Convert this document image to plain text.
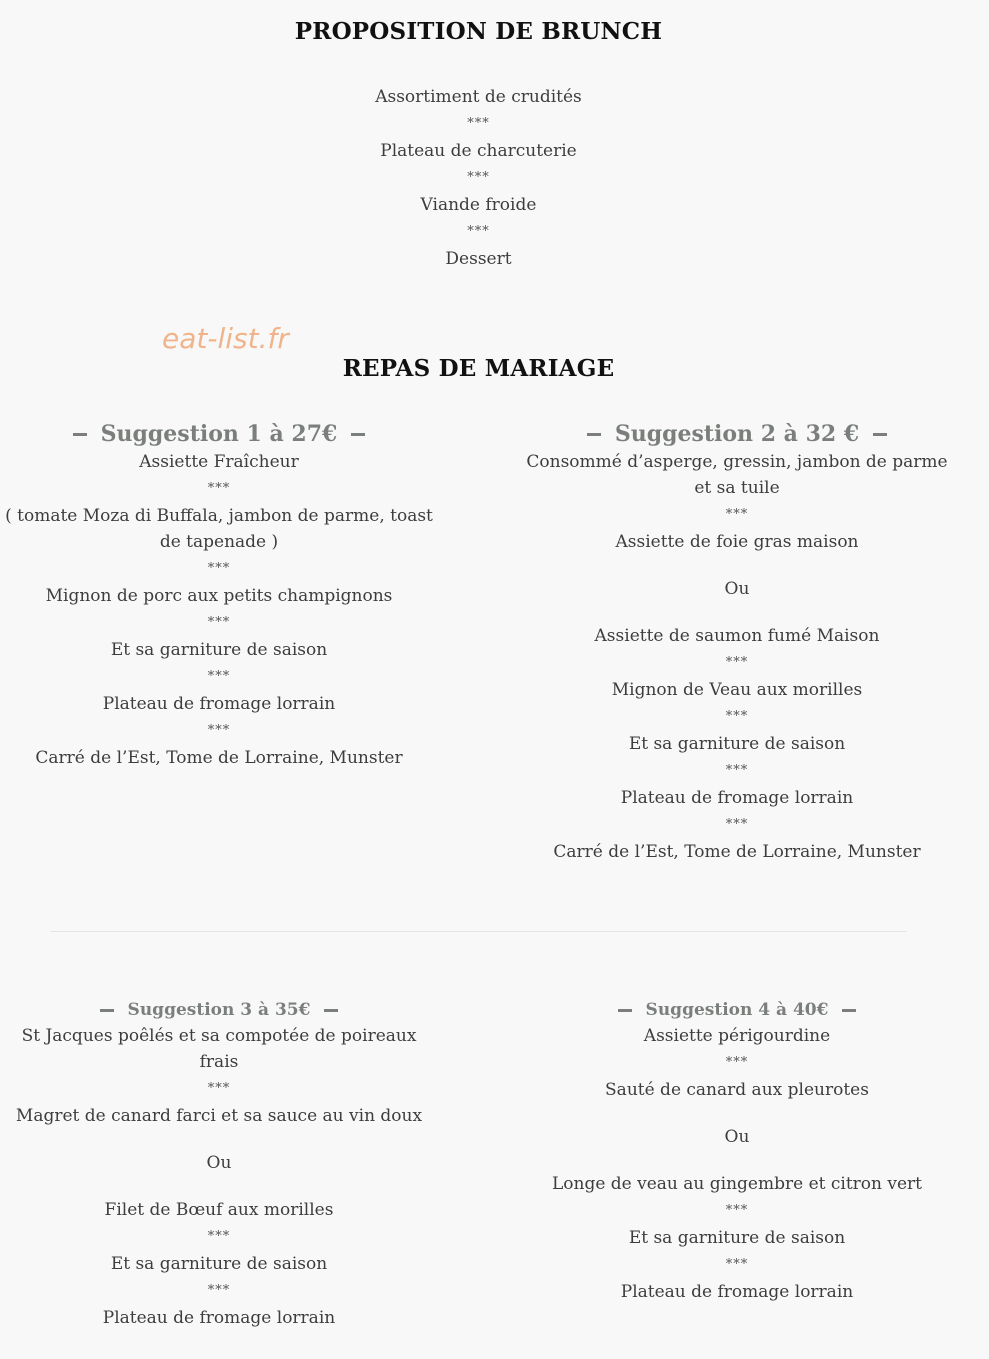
PROPOSITION DE BRUNCH
Assortiment de crudités
***
Plateau de charcuterie
***
Viande froide
***
Dessert
eat-list.fr
REPAS DE MARIAGE
Suggestion 1 à 27€
Assiette Fraîcheur
***
( tomate Moza di Buffala, jambon de parme, toast de tapenade )
***
Mignon de porc aux petits champignons
***
Et sa garniture de saison
***
Plateau de fromage lorrain
***
Carré de l’Est, Tome de Lorraine, Munster
Suggestion 2 à 32 €
Consommé d’asperge, gressin, jambon de parme et sa tuile
***
Assiette de foie gras maison
Ou
Assiette de saumon fumé Maison
***
Mignon de Veau aux morilles
***
Et sa garniture de saison
***
Plateau de fromage lorrain
***
Carré de l’Est, Tome de Lorraine, Munster
Suggestion 3 à 35€
St Jacques poêlés et sa compotée de poireaux frais
***
Magret de canard farci et sa sauce au vin doux
Ou
Filet de Bœuf aux morilles
***
Et sa garniture de saison
***
Plateau de fromage lorrain
Suggestion 4 à 40€
Assiette périgourdine
***
Sauté de canard aux pleurotes
Ou
Longe de veau au gingembre et citron vert
***
Et sa garniture de saison
***
Plateau de fromage lorrain
